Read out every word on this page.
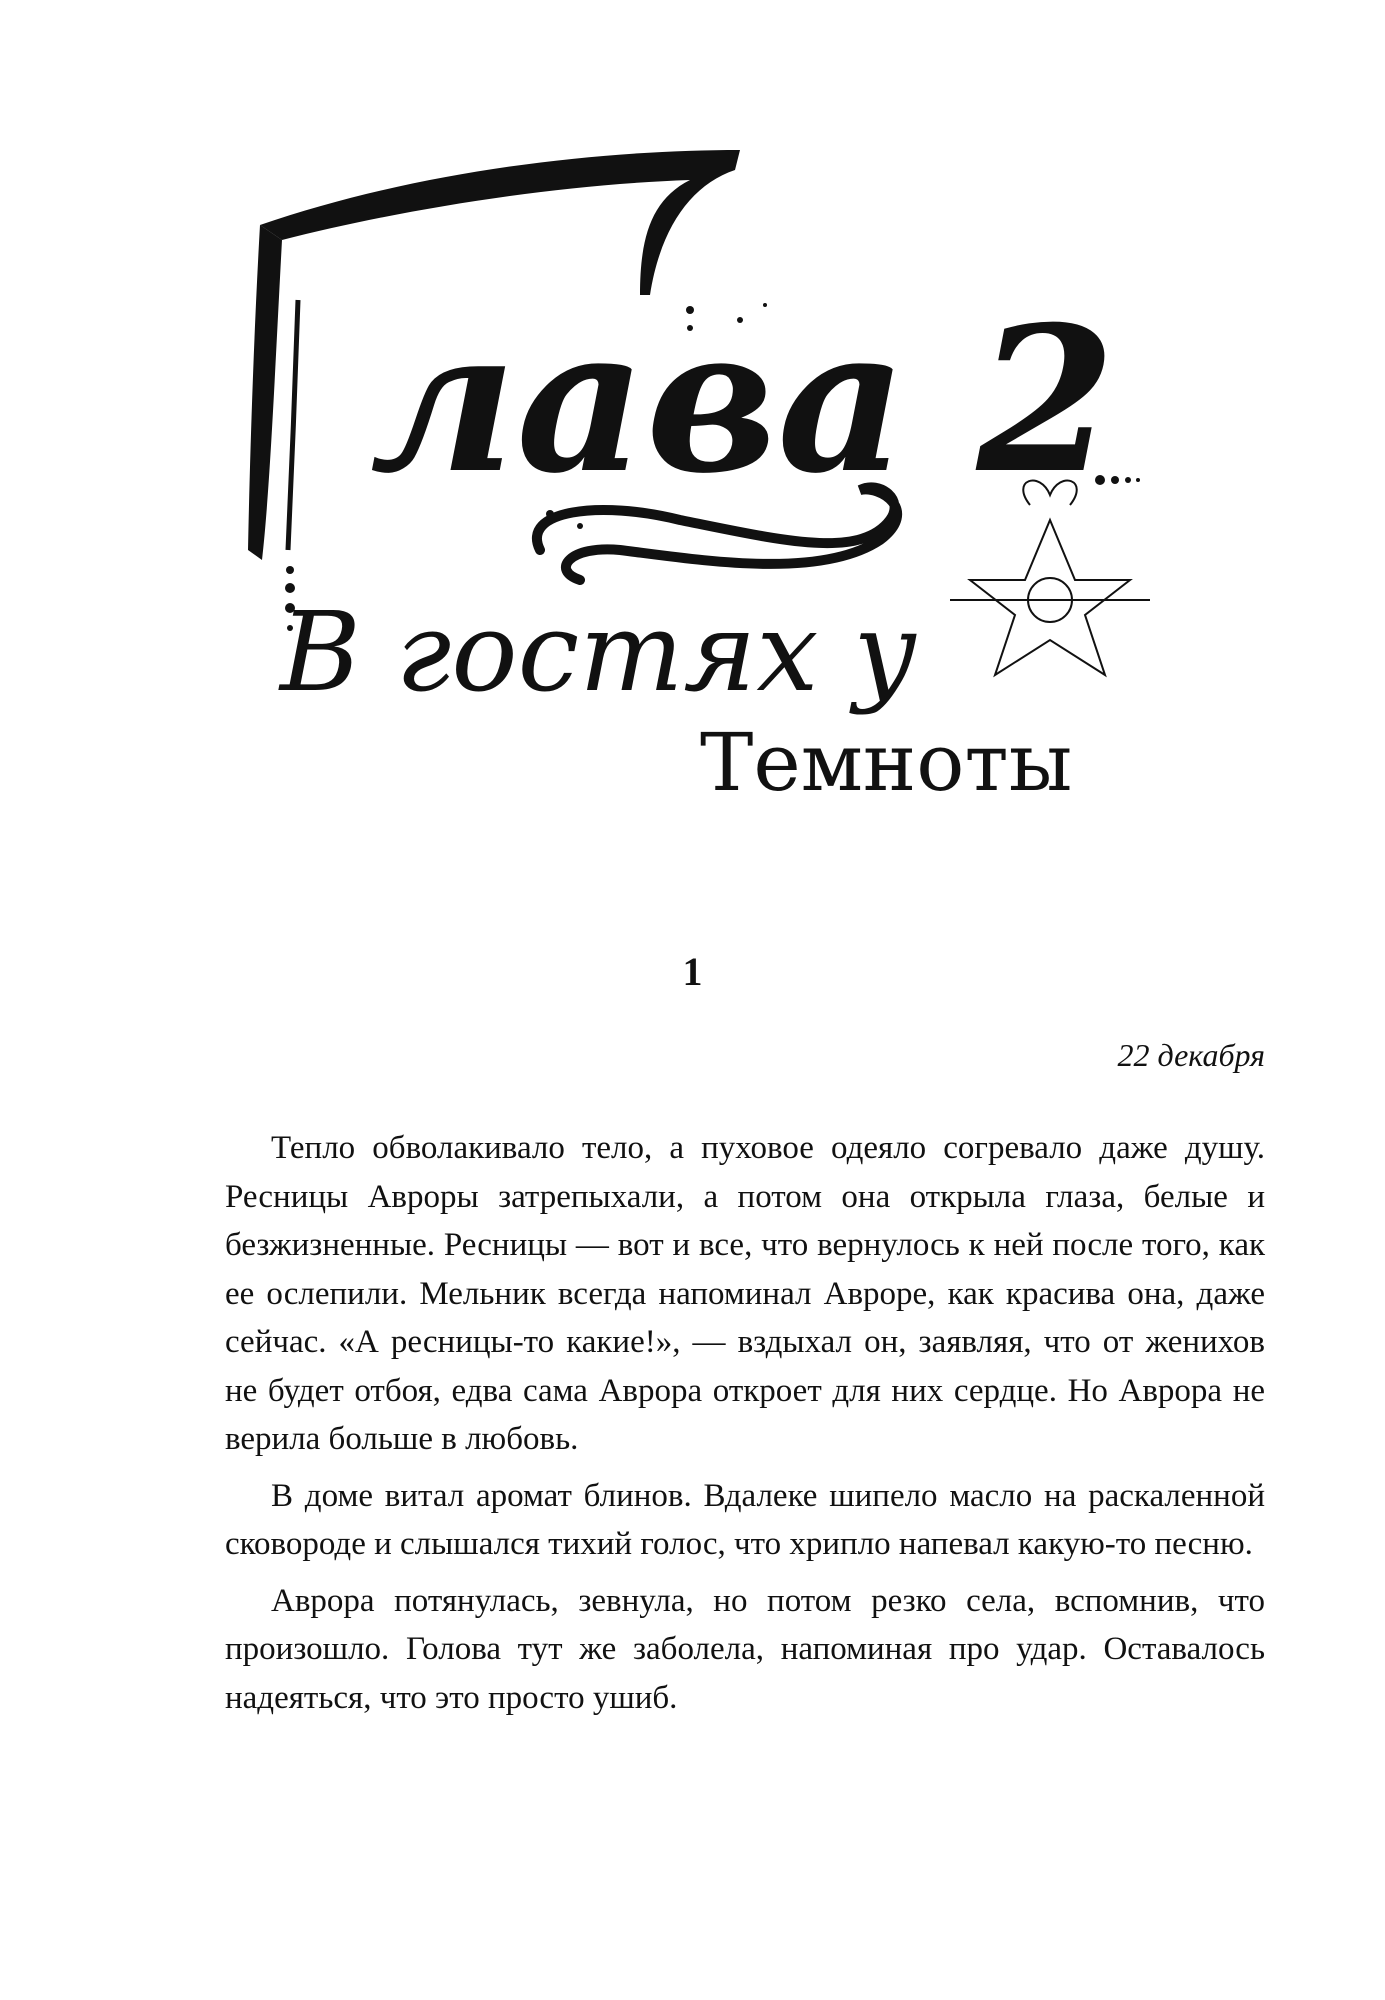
лава 2
В гостях у
Темноты
1
22 декабря

Тепло обволакивало тело, а пуховое одеяло согревало даже душу. Ресницы Авроры затрепыхали, а потом она открыла глаза, белые и безжизненные. Ресницы — вот и все, что вернулось к ней после того, как ее ослепили. Мельник всегда напоминал Авроре, как красива она, даже сейчас. «А ресницы-то какие!», — вздыхал он, заявляя, что от женихов не будет отбоя, едва сама Аврора откроет для них сердце. Но Аврора не верила больше в любовь.

В доме витал аромат блинов. Вдалеке шипело масло на раскаленной сковороде и слышался тихий голос, что хрипло напевал какую-то песню.

Аврора потянулась, зевнула, но потом резко села, вспомнив, что произошло. Голова тут же заболела, напоминая про удар. Оставалось надеяться, что это просто ушиб.
